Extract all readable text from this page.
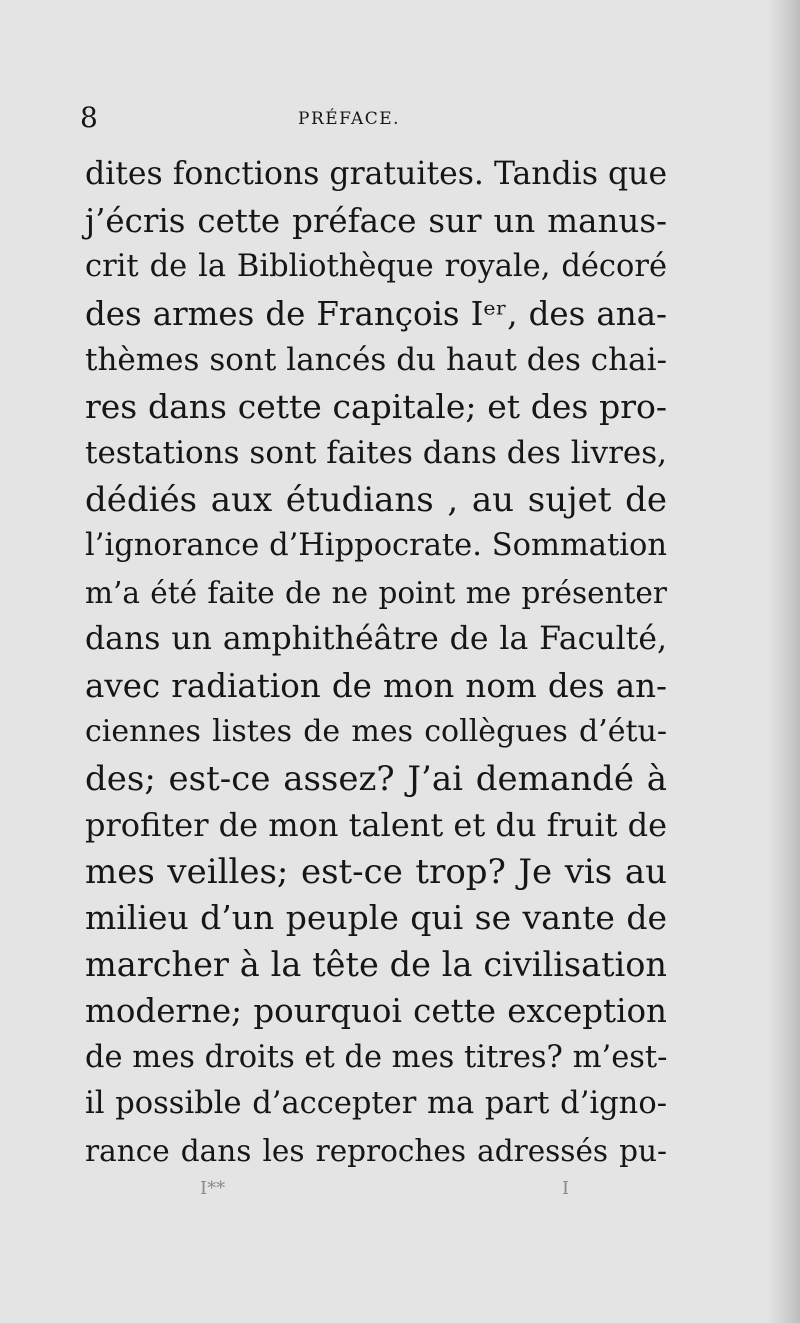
8	PRÉFACE.
dites fonctions gratuites. Tandis que
j’écris cette préface sur un manus-
crit de la Bibliothèque royale, décoré
des armes de François Iᵉʳ, des ana-
thèmes sont lancés du haut des chai-
res dans cette capitale; et des pro-
testations sont faites dans des livres,
dédiés aux étudians , au sujet de
l’ignorance d’Hippocrate. Sommation
m’a été faite de ne point me présenter
dans un amphithéâtre de la Faculté,
avec radiation de mon nom des an-
ciennes listes de mes collègues d’étu-
des; est-ce assez? J’ai demandé à
profiter de mon talent et du fruit de
mes veilles; est-ce trop? Je vis au
milieu d’un peuple qui se vante de
marcher à la tête de la civilisation
moderne; pourquoi cette exception
de mes droits et de mes titres? m’est-
il possible d’accepter ma part d’igno-
rance dans les reproches adressés pu-
I**	I
